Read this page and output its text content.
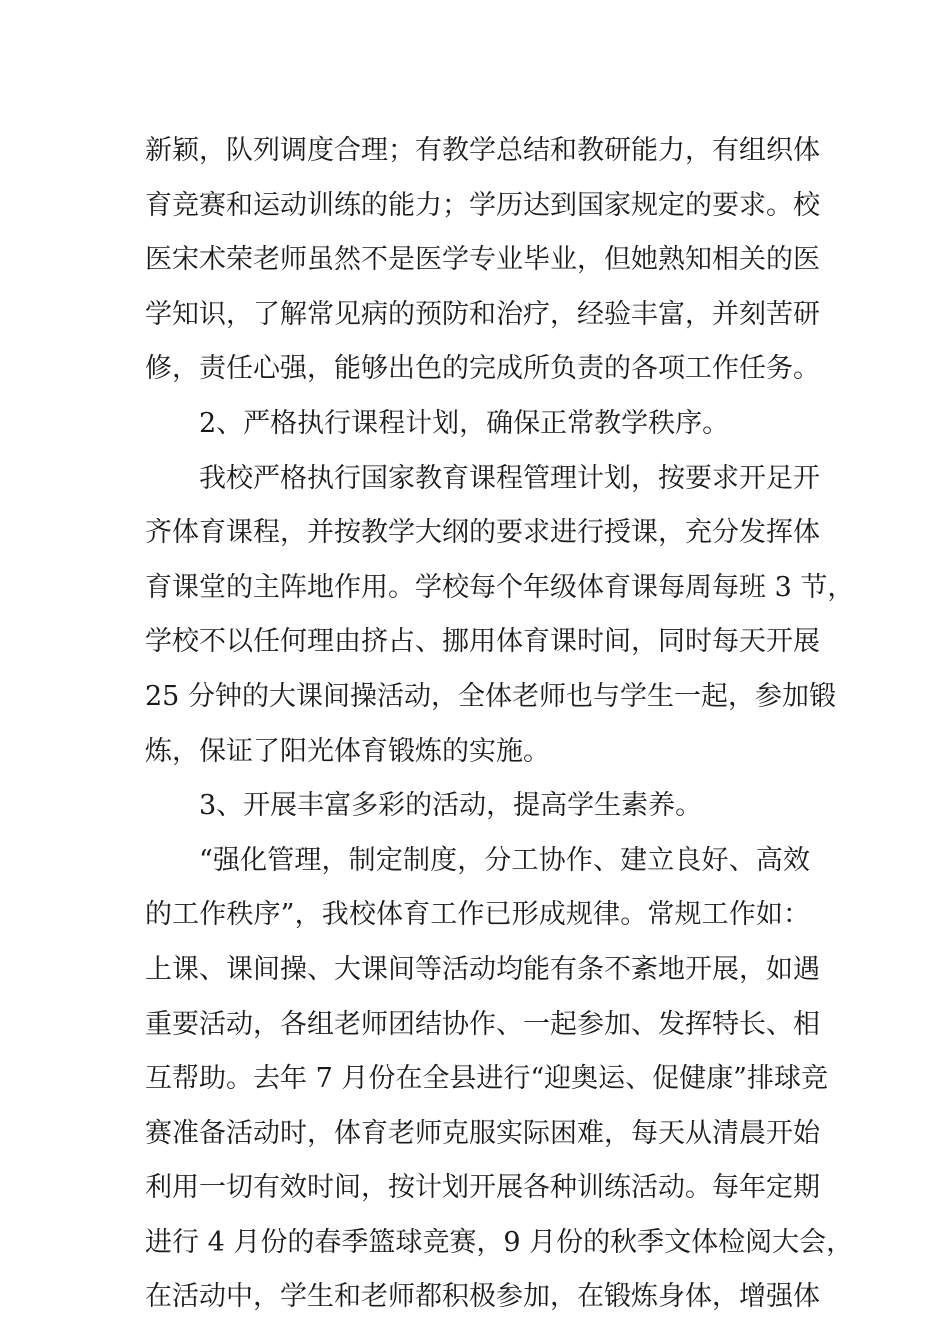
新颖，队列调度合理；有教学总结和教研能力，有组织体
育竞赛和运动训练的能力；学历达到国家规定的要求。校
医宋术荣老师虽然不是医学专业毕业，但她熟知相关的医
学知识，了解常见病的预防和治疗，经验丰富，并刻苦研
修，责任心强，能够出色的完成所负责的各项工作任务。
2、严格执行课程计划，确保正常教学秩序。
我校严格执行国家教育课程管理计划，按要求开足开
齐体育课程，并按教学大纲的要求进行授课，充分发挥体
育课堂的主阵地作用。学校每个年级体育课每周每班 3 节，
学校不以任何理由挤占、挪用体育课时间，同时每天开展
25 分钟的大课间操活动，全体老师也与学生一起，参加锻
炼，保证了阳光体育锻炼的实施。
3、开展丰富多彩的活动，提高学生素养。
“强化管理，制定制度，分工协作、建立良好、高效
的工作秩序”，我校体育工作已形成规律。常规工作如：
上课、课间操、大课间等活动均能有条不紊地开展，如遇
重要活动，各组老师团结协作、一起参加、发挥特长、相
互帮助。去年 7 月份在全县进行“迎奥运、促健康”排球竞
赛准备活动时，体育老师克服实际困难，每天从清晨开始
利用一切有效时间，按计划开展各种训练活动。每年定期
进行 4 月份的春季篮球竞赛，9 月份的秋季文体检阅大会，
在活动中，学生和老师都积极参加，在锻炼身体，增强体
